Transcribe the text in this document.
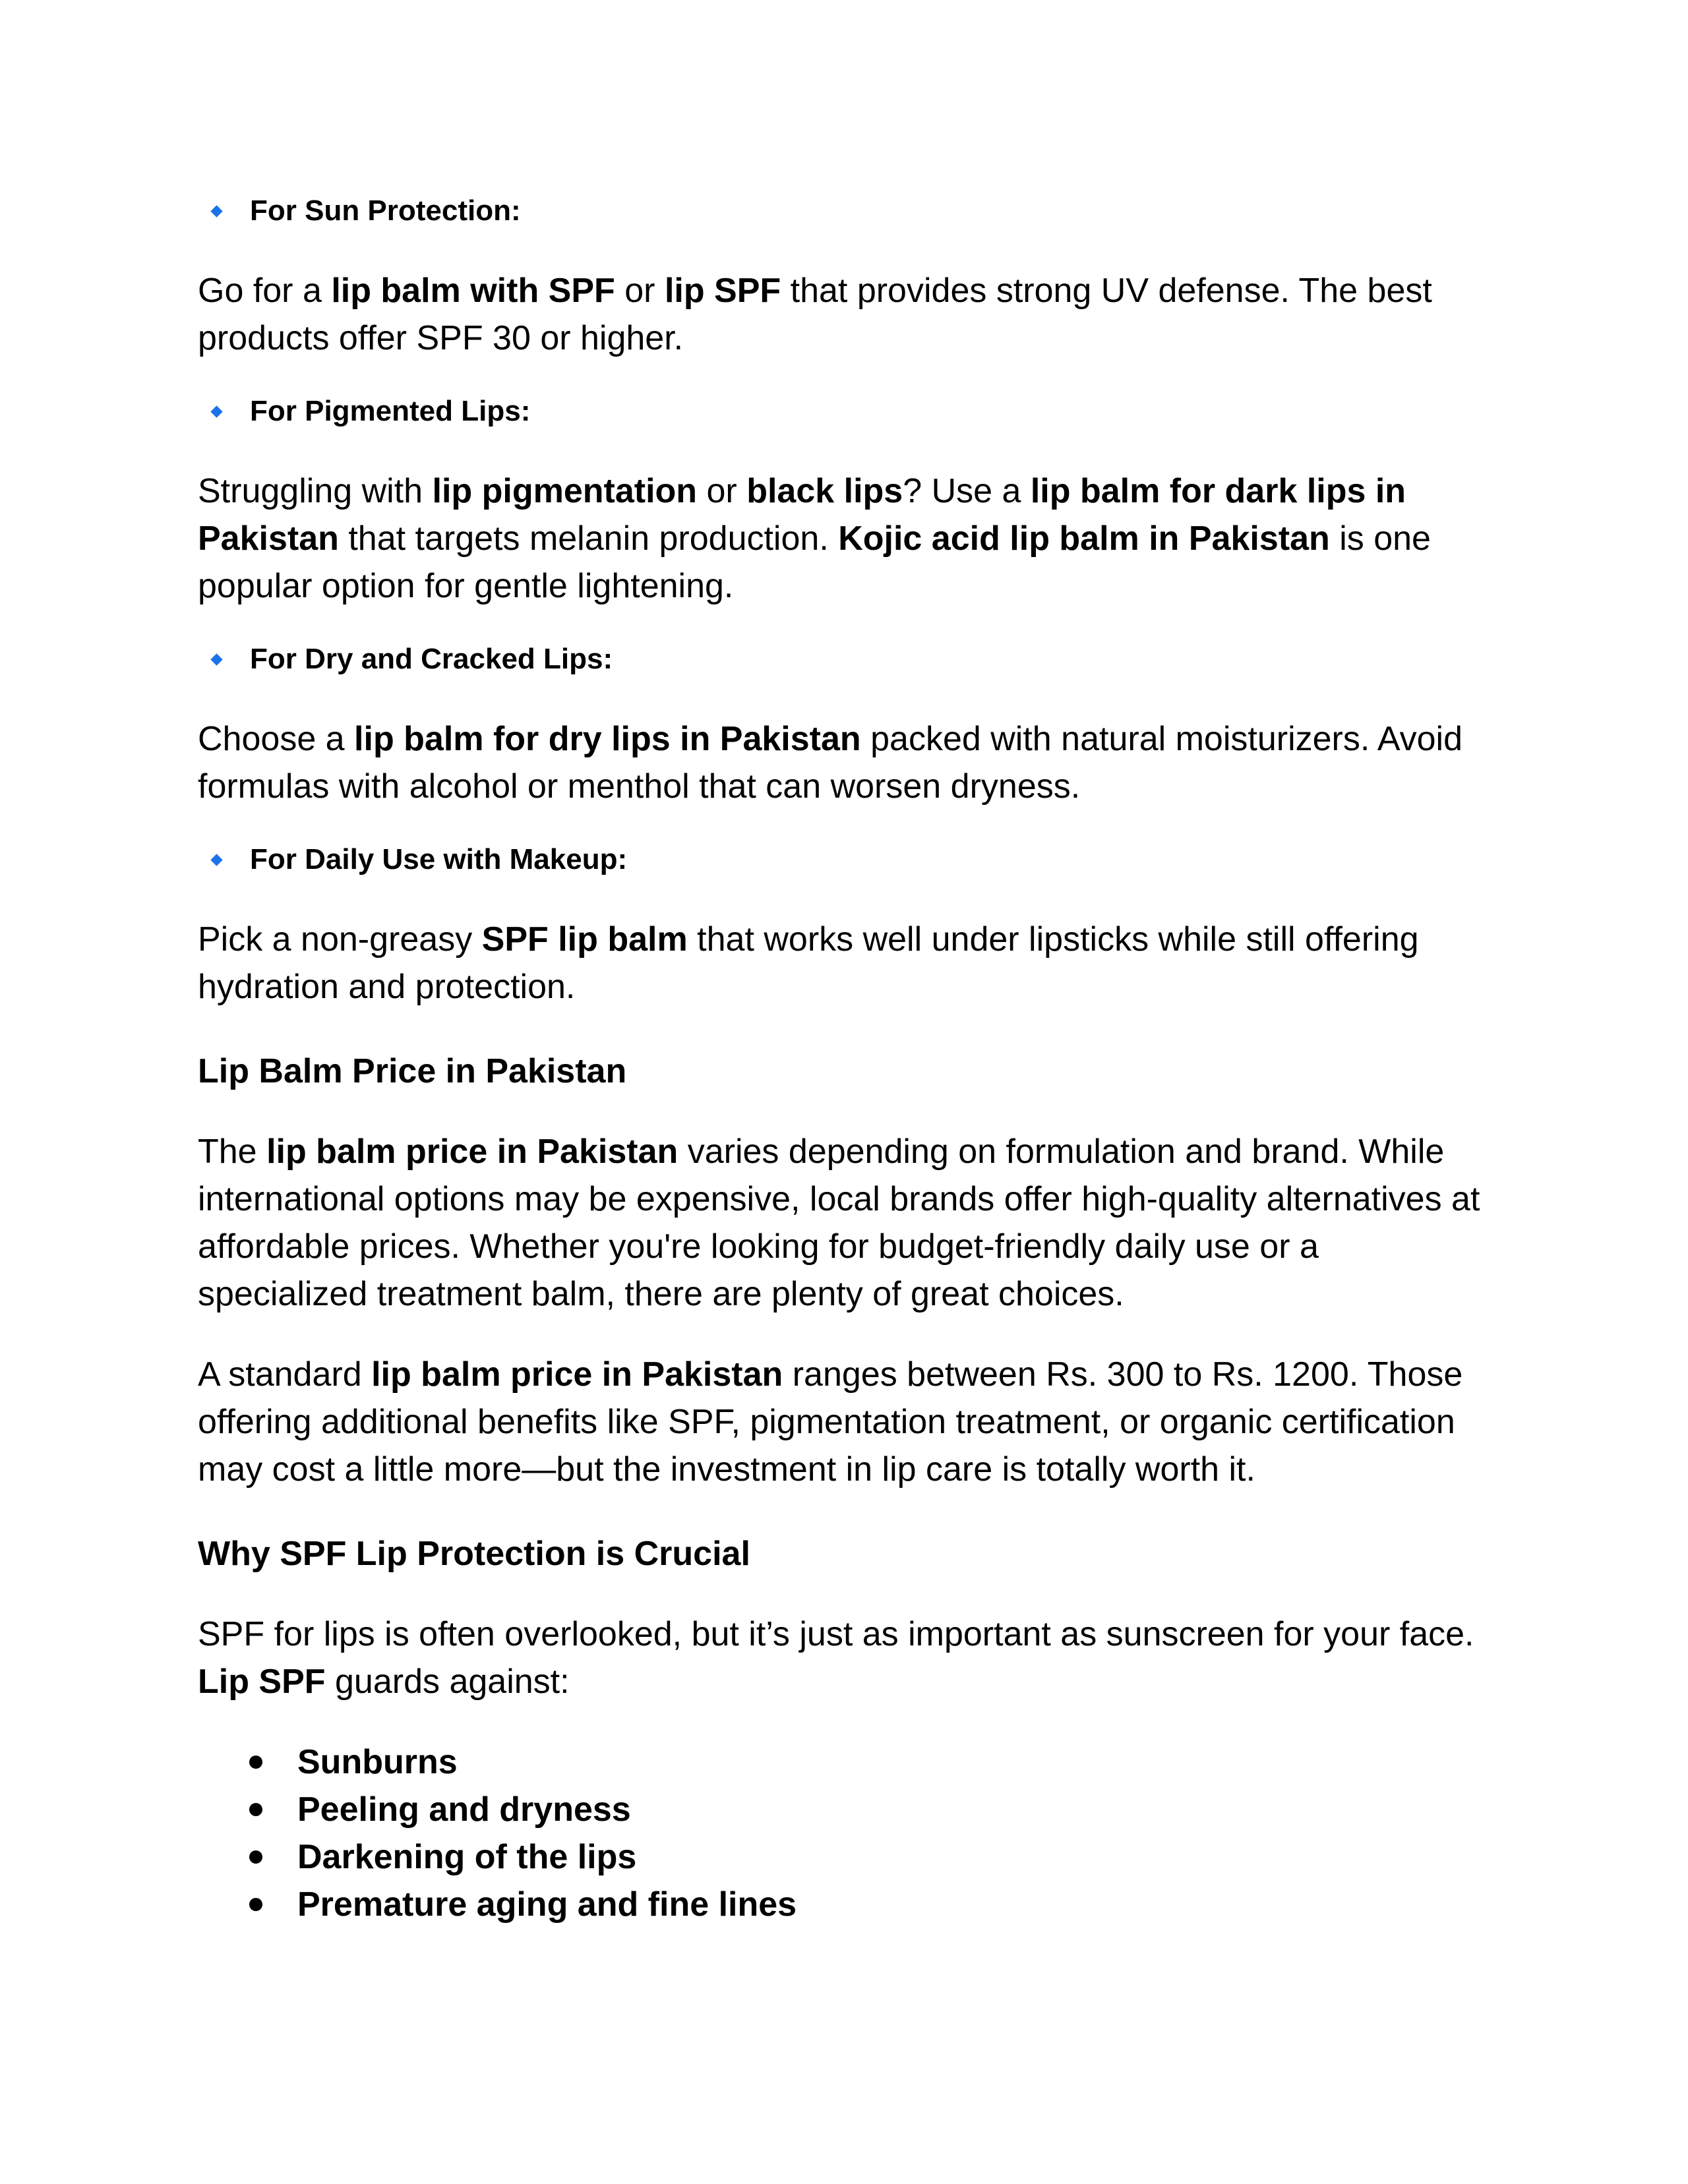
For Sun Protection:

Go for a lip balm with SPF or lip SPF that provides strong UV defense. The best products offer SPF 30 or higher.

For Pigmented Lips:

Struggling with lip pigmentation or black lips? Use a lip balm for dark lips in Pakistan that targets melanin production. Kojic acid lip balm in Pakistan is one popular option for gentle lightening.

For Dry and Cracked Lips:

Choose a lip balm for dry lips in Pakistan packed with natural moisturizers. Avoid formulas with alcohol or menthol that can worsen dryness.

For Daily Use with Makeup:

Pick a non-greasy SPF lip balm that works well under lipsticks while still offering hydration and protection.

Lip Balm Price in Pakistan

The lip balm price in Pakistan varies depending on formulation and brand. While international options may be expensive, local brands offer high-quality alternatives at affordable prices. Whether you're looking for budget-friendly daily use or a specialized treatment balm, there are plenty of great choices.

A standard lip balm price in Pakistan ranges between Rs. 300 to Rs. 1200. Those offering additional benefits like SPF, pigmentation treatment, or organic certification may cost a little more—but the investment in lip care is totally worth it.

Why SPF Lip Protection is Crucial

SPF for lips is often overlooked, but it’s just as important as sunscreen for your face. Lip SPF guards against:

Sunburns
Peeling and dryness
Darkening of the lips
Premature aging and fine lines
